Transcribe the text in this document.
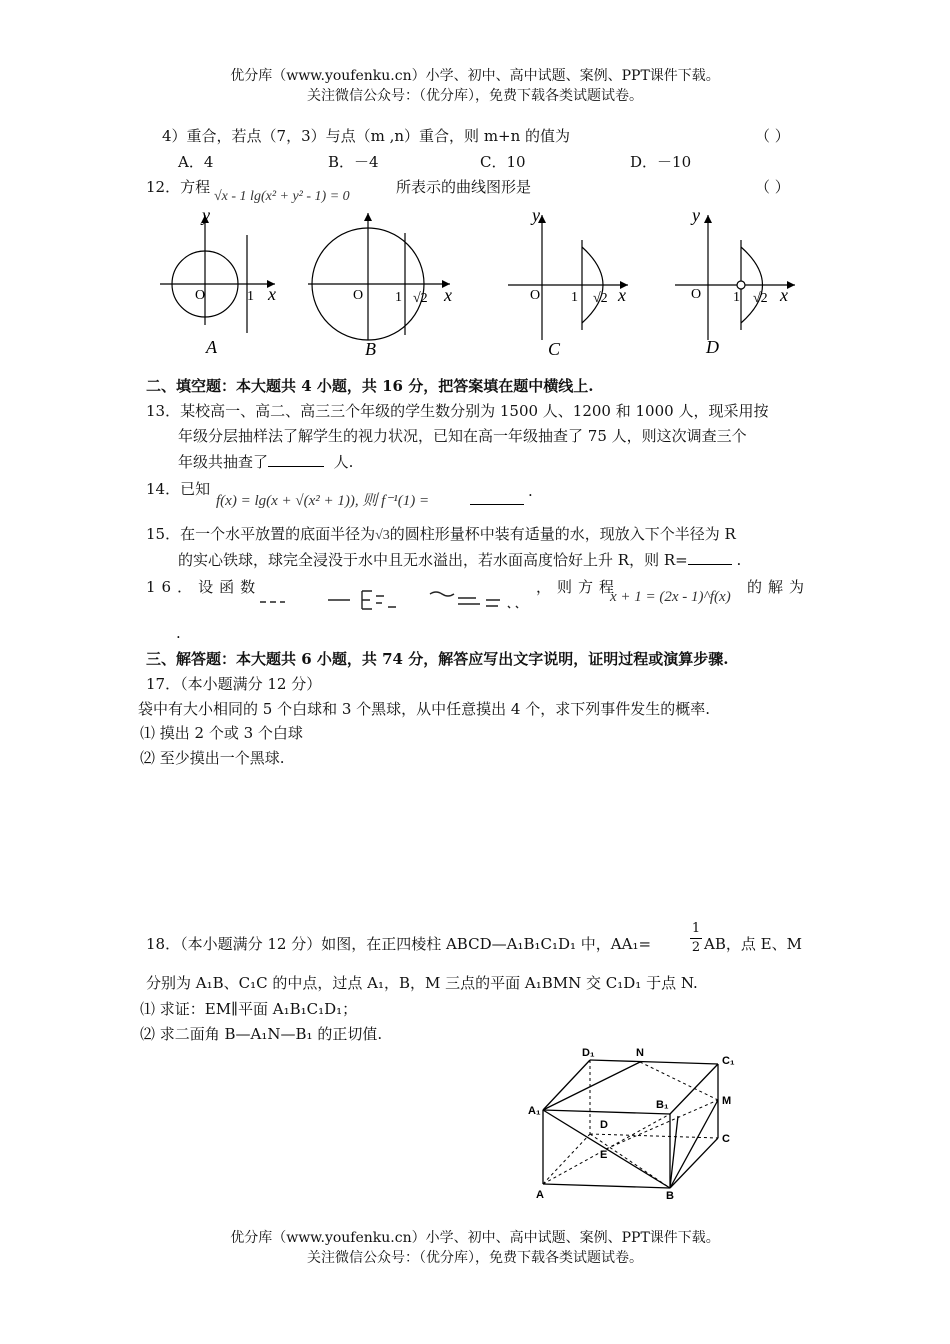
优分库（www.youfenku.cn）小学、初中、高中试题、案例、PPT课件下载。
关注微信公众号：（优分库），免费下载各类试题试卷。
4）重合，若点（7，3）与点（m ,n）重合，则 m+n 的值为	（ ）
A．4	B．－4	C．10	D．－10
12．方程
√x - 1 lg(x² + y² - 1) = 0
所表示的曲线图形是	（ ）
y
O	1 x
A
O 1 √2 x
B
y
O 1 √2 x
C
y
O 1 √2 x
D
二、填空题：本大题共 4 小题，共 16 分，把答案填在题中横线上.
13．某校高一、高二、高三三个年级的学生数分别为 1500 人、1200 和 1000 人，现采用按
年级分层抽样法了解学生的视力状况，已知在高一年级抽查了 75 人，则这次调查三个
年级共抽查了	人.
14．已知
f(x) = lg(x + √(x² + 1)), 则 f⁻¹(1) =
.
15．在一个水平放置的底面半径为√3的圆柱形量杯中装有适量的水，现放入下个半径为 R
的实心铁球，球完全浸没于水中且无水溢出，若水面高度恰好上升 R，则 R=	.
16．设函数	，则方程
x + 1 = (2x - 1)^f(x)
的解为
.
三、解答题：本大题共 6 小题，共 74 分，解答应写出文字说明，证明过程或演算步骤.
17．（本小题满分 12 分）
袋中有大小相同的 5 个白球和 3 个黑球，从中任意摸出 4 个，求下列事件发生的概率.
⑴ 摸出 2 个或 3 个白球
⑵ 至少摸出一个黑球.
18．（本小题满分 12 分）如图，在正四棱柱 ABCD—A₁B₁C₁D₁ 中，AA₁=
1
2 AB，点 E、M
分别为 A₁B、C₁C 的中点，过点 A₁，B，M 三点的平面 A₁BMN 交 C₁D₁ 于点 N.
⑴ 求证：EM∥平面 A₁B₁C₁D₁；
⑵ 求二面角 B—A₁N—B₁ 的正切值.
D₁	N
C₁
A₁	B₁	M
D
C
E
A	B
优分库（www.youfenku.cn）小学、初中、高中试题、案例、PPT课件下载。
关注微信公众号：（优分库），免费下载各类试题试卷。
